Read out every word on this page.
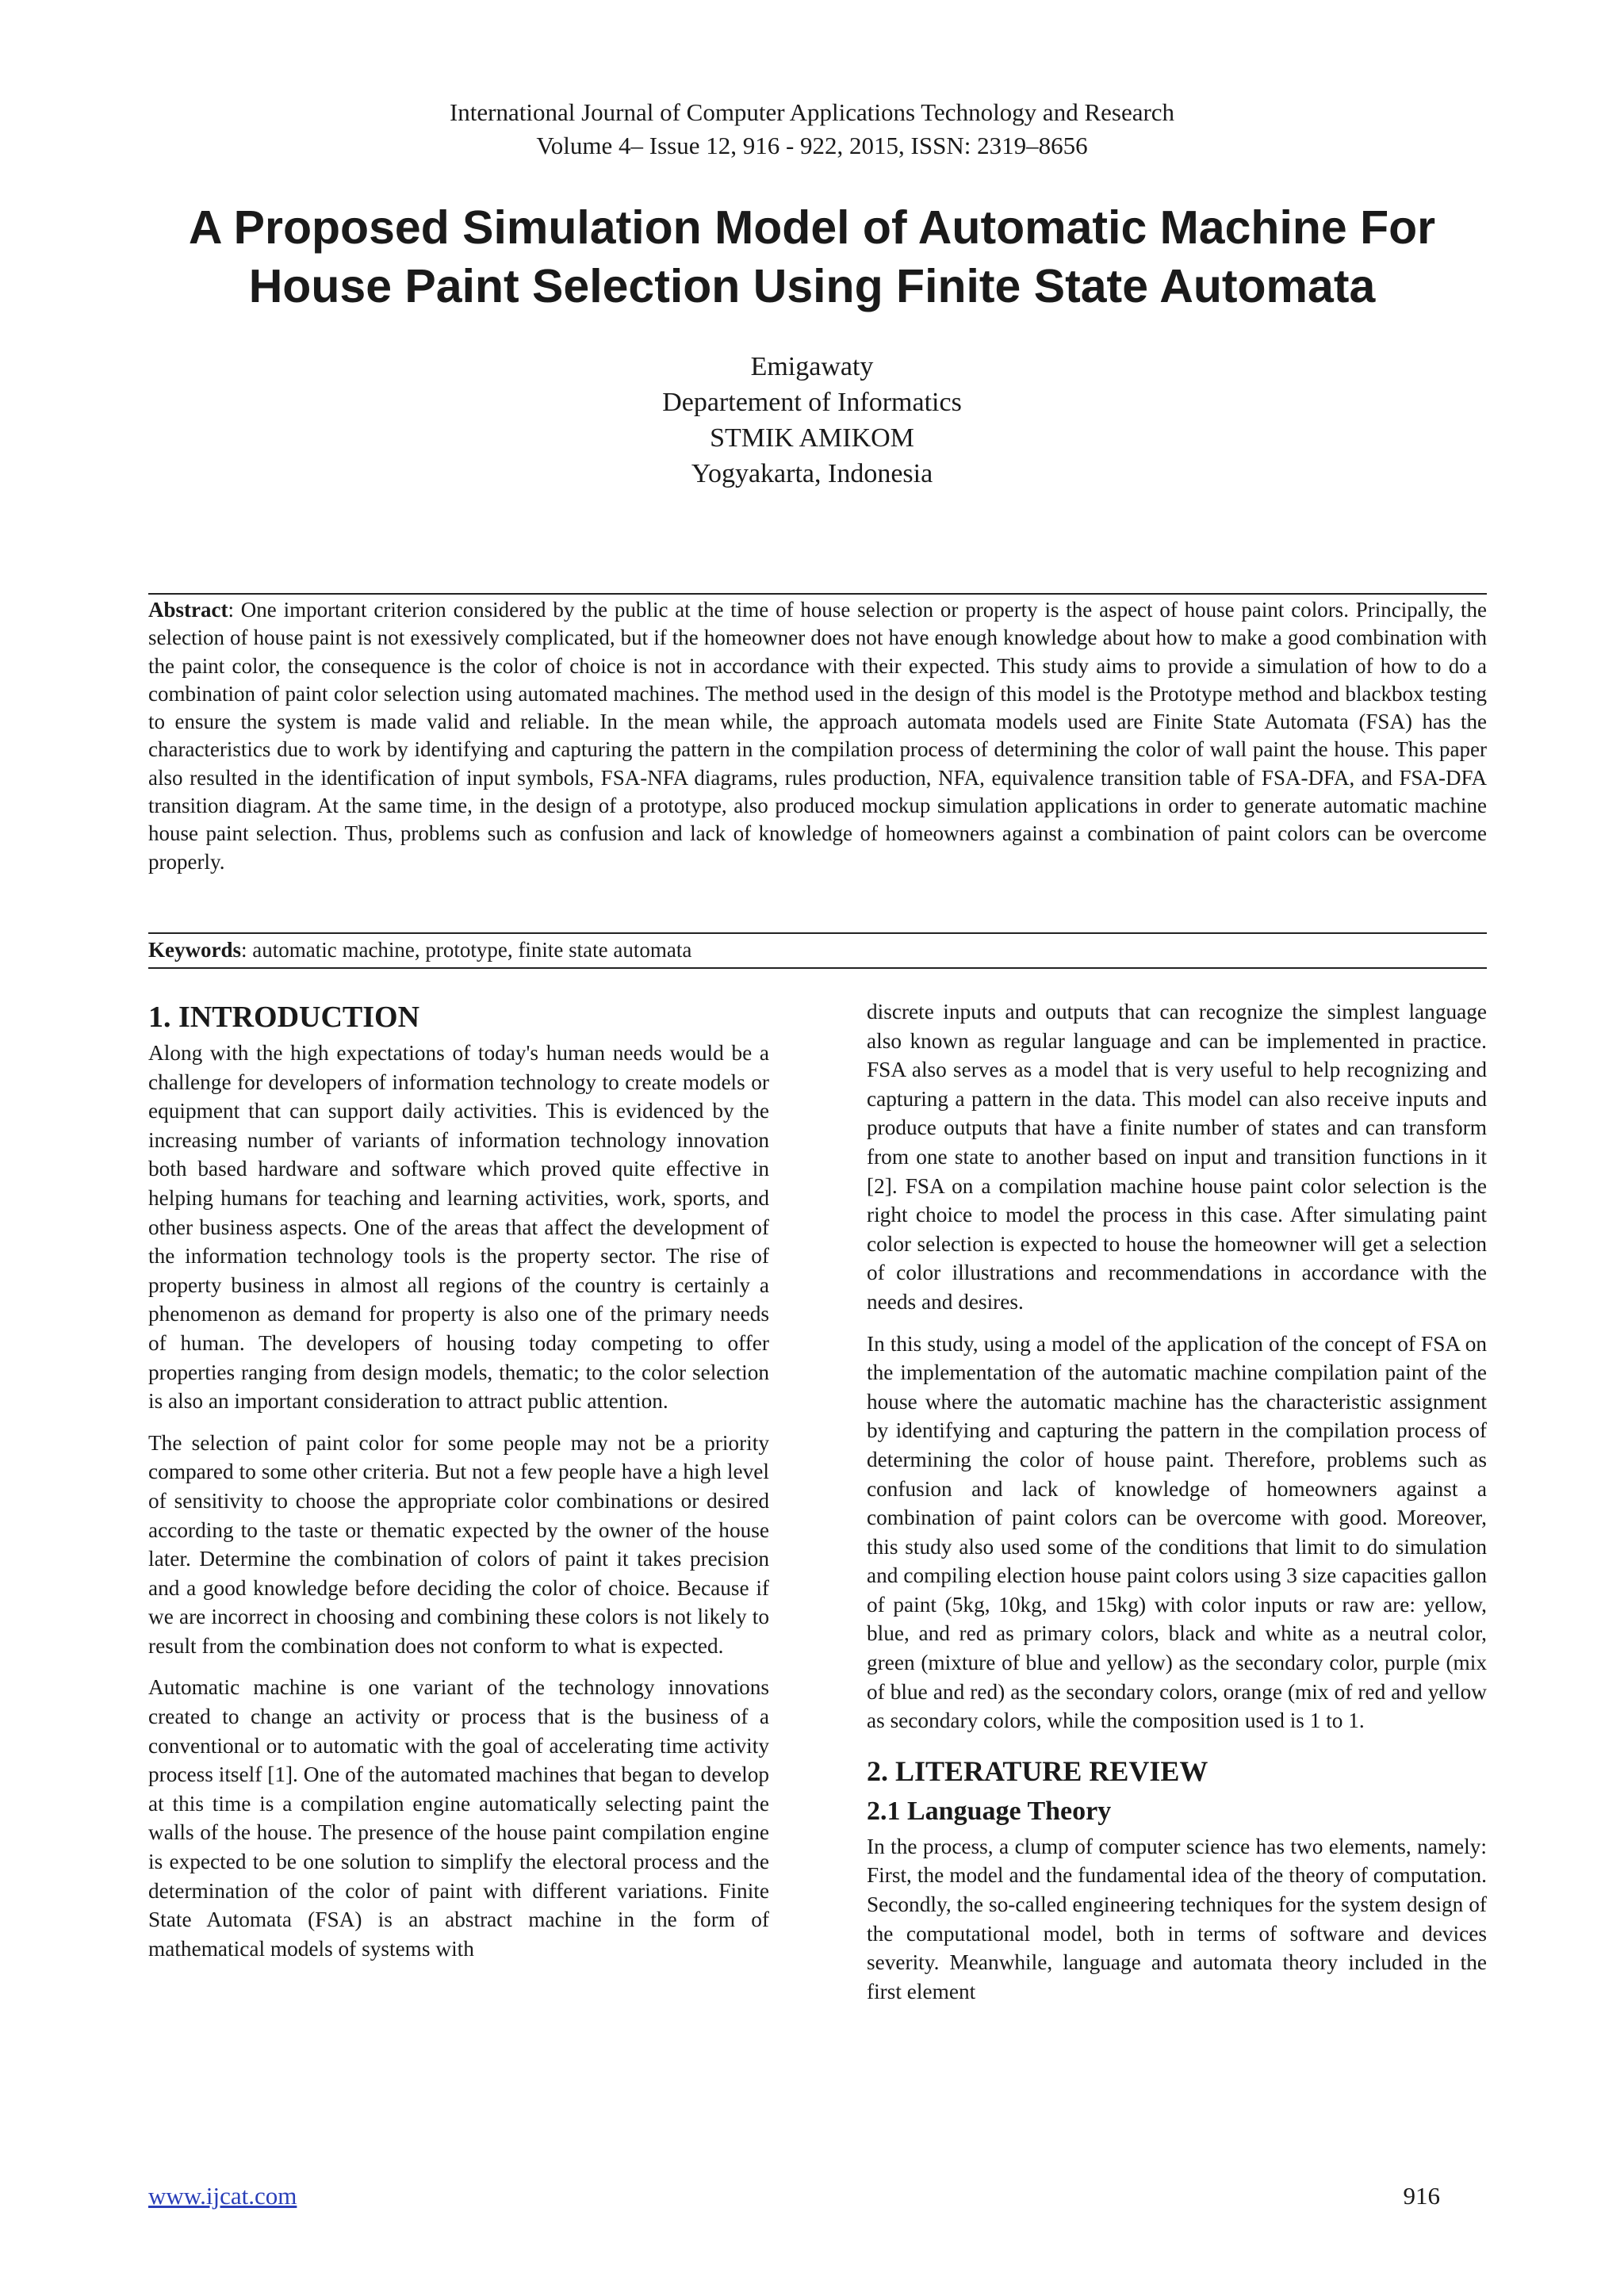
International Journal of Computer Applications Technology and Research
Volume 4– Issue 12, 916 - 922, 2015, ISSN: 2319–8656
A Proposed Simulation Model of Automatic Machine For House Paint Selection Using Finite State Automata
Emigawaty
Departement of Informatics
STMIK AMIKOM
Yogyakarta, Indonesia
Abstract: One important criterion considered by the public at the time of house selection or property is the aspect of house paint colors. Principally, the selection of house paint is not exessively complicated, but if the homeowner does not have enough knowledge about how to make a good combination with the paint color, the consequence is the color of choice is not in accordance with their expected. This study aims to provide a simulation of how to do a combination of paint color selection using automated machines. The method used in the design of this model is the Prototype method and blackbox testing to ensure the system is made valid and reliable. In the mean while, the approach automata models used are Finite State Automata (FSA) has the characteristics due to work by identifying and capturing the pattern in the compilation process of determining the color of wall paint the house. This paper also resulted in the identification of input symbols, FSA-NFA diagrams, rules production, NFA, equivalence transition table of FSA-DFA, and FSA-DFA transition diagram. At the same time, in the design of a prototype, also produced mockup simulation applications in order to generate automatic machine house paint selection. Thus, problems such as confusion and lack of knowledge of homeowners against a combination of paint colors can be overcome properly.
Keywords: automatic machine, prototype, finite state automata
1. INTRODUCTION

Along with the high expectations of today's human needs would be a challenge for developers of information technology to create models or equipment that can support daily activities. This is evidenced by the increasing number of variants of information technology innovation both based hardware and software which proved quite effective in helping humans for teaching and learning activities, work, sports, and other business aspects. One of the areas that affect the development of the information technology tools is the property sector. The rise of property business in almost all regions of the country is certainly a phenomenon as demand for property is also one of the primary needs of human. The developers of housing today competing to offer properties ranging from design models, thematic; to the color selection is also an important consideration to attract public attention.

The selection of paint color for some people may not be a priority compared to some other criteria. But not a few people have a high level of sensitivity to choose the appropriate color combinations or desired according to the taste or thematic expected by the owner of the house later. Determine the combination of colors of paint it takes precision and a good knowledge before deciding the color of choice. Because if we are incorrect in choosing and combining these colors is not likely to result from the combination does not conform to what is expected.

Automatic machine is one variant of the technology innovations created to change an activity or process that is the business of a conventional or to automatic with the goal of accelerating time activity process itself [1]. One of the automated machines that began to develop at this time is a compilation engine automatically selecting paint the walls of the house. The presence of the house paint compilation engine is expected to be one solution to simplify the electoral process and the determination of the color of paint with different variations. Finite State Automata (FSA) is an abstract machine in the form of mathematical models of systems with

discrete inputs and outputs that can recognize the simplest language also known as regular language and can be implemented in practice. FSA also serves as a model that is very useful to help recognizing and capturing a pattern in the data. This model can also receive inputs and produce outputs that have a finite number of states and can transform from one state to another based on input and transition functions in it [2]. FSA on a compilation machine house paint color selection is the right choice to model the process in this case. After simulating paint color selection is expected to house the homeowner will get a selection of color illustrations and recommendations in accordance with the needs and desires.

In this study, using a model of the application of the concept of FSA on the implementation of the automatic machine compilation paint of the house where the automatic machine has the characteristic assignment by identifying and capturing the pattern in the compilation process of determining the color of house paint. Therefore, problems such as confusion and lack of knowledge of homeowners against a combination of paint colors can be overcome with good. Moreover, this study also used some of the conditions that limit to do simulation and compiling election house paint colors using 3 size capacities gallon of paint (5kg, 10kg, and 15kg) with color inputs or raw are: yellow, blue, and red as primary colors, black and white as a neutral color, green (mixture of blue and yellow) as the secondary color, purple (mix of blue and red) as the secondary colors, orange (mix of red and yellow as secondary colors, while the composition used is 1 to 1.

2. LITERATURE REVIEW
2.1 Language Theory

In the process, a clump of computer science has two elements, namely: First, the model and the fundamental idea of the theory of computation. Secondly, the so-called engineering techniques for the system design of the computational model, both in terms of software and devices severity. Meanwhile, language and automata theory included in the first element

www.ijcat.com	916
